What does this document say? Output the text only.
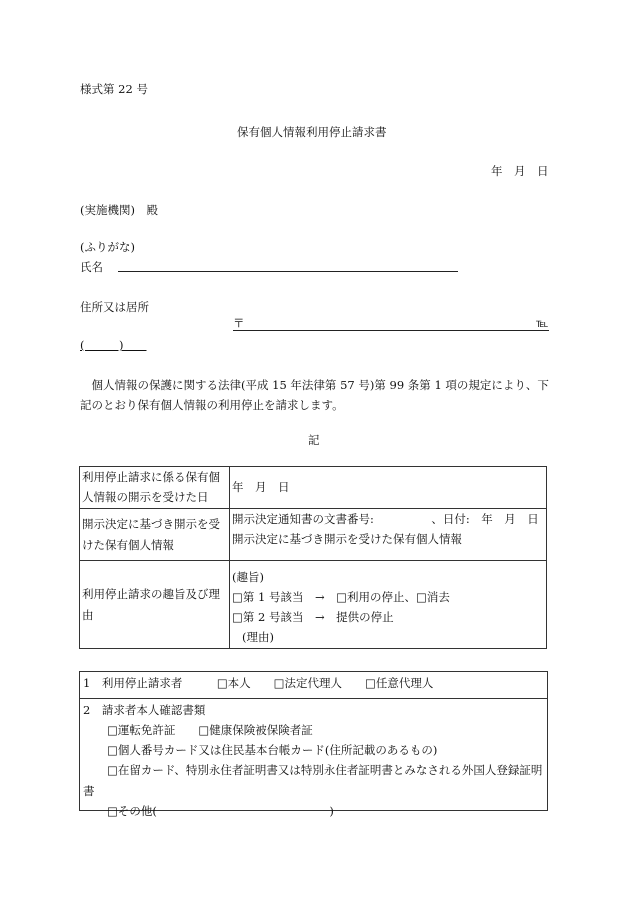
様式第 22 号
保有個人情報利用停止請求書
年　月　日
(実施機関)　殿
(ふりがな)
氏名
住所又は居所
〒	℡
(　　　)　　
個人情報の保護に関する法律(平成 15 年法律第 57 号)第 99 条第 1 項の規定により、下記のとおり保有個人情報の利用停止を請求します。
記
利用停止請求に係る保有個人情報の開示を受けた日	年　月　日
開示決定に基づき開示を受けた保有個人情報	開示決定通知書の文書番号:　　　　　、日付:　年　月　日
開示決定に基づき開示を受けた保有個人情報

利用停止請求の趣旨及び理由	(趣旨)
□第 1 号該当　→　□利用の停止、□消去
□第 2 号該当　→　提供の停止
(理由)
1　利用停止請求者　　　□本人　　□法定代理人　　□任意代理人
2　請求者本人確認書類
□運転免許証　　□健康保険被保険者証
□個人番号カード又は住民基本台帳カード(住所記載のあるもの)
□在留カード、特別永住者証明書又は特別永住者証明書とみなされる外国人登録証明書
□その他(　　　　　　　　　　　　　　　)
